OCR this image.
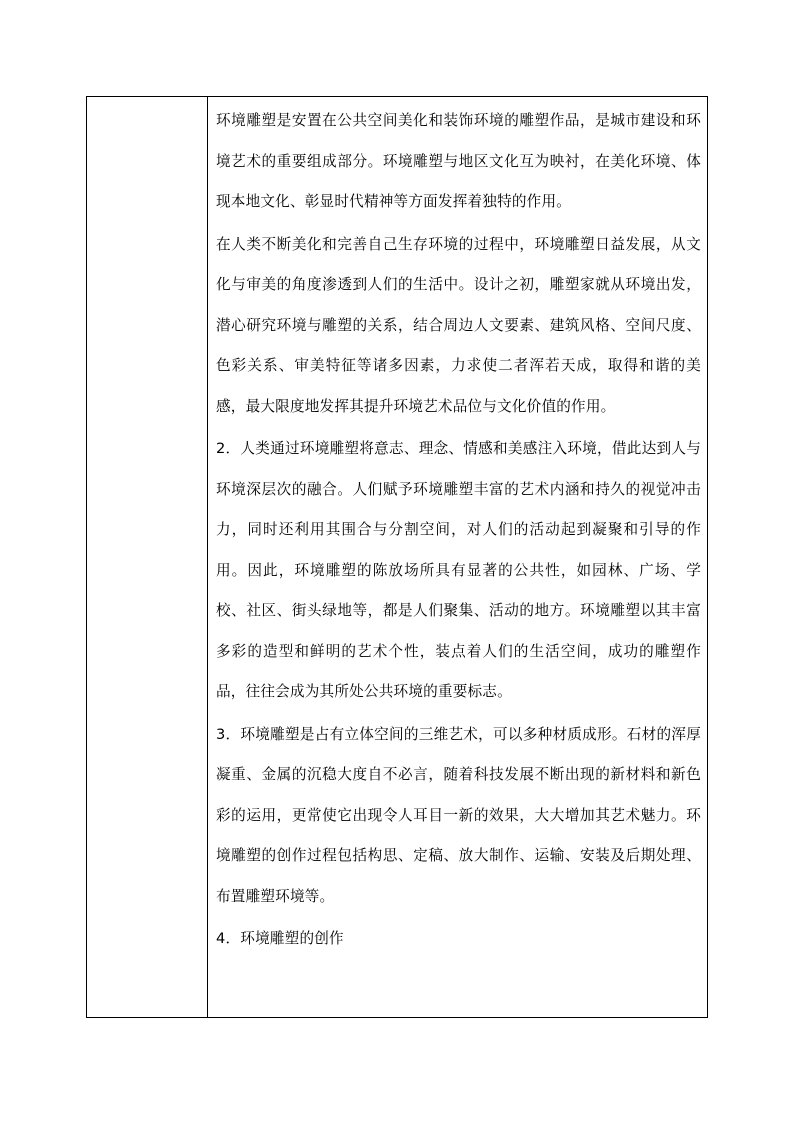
环境雕塑是安置在公共空间美化和装饰环境的雕塑作品，是城市建设和环境艺术的重要组成部分。环境雕塑与地区文化互为映衬，在美化环境、体现本地文化、彰显时代精神等方面发挥着独特的作用。

在人类不断美化和完善自己生存环境的过程中，环境雕塑日益发展，从文化与审美的角度渗透到人们的生活中。设计之初，雕塑家就从环境出发，潜心研究环境与雕塑的关系，结合周边人文要素、建筑风格、空间尺度、色彩关系、审美特征等诸多因素，力求使二者浑若天成，取得和谐的美感，最大限度地发挥其提升环境艺术品位与文化价值的作用。

2．人类通过环境雕塑将意志、理念、情感和美感注入环境，借此达到人与环境深层次的融合。人们赋予环境雕塑丰富的艺术内涵和持久的视觉冲击力，同时还利用其围合与分割空间，对人们的活动起到凝聚和引导的作用。因此，环境雕塑的陈放场所具有显著的公共性，如园林、广场、学校、社区、街头绿地等，都是人们聚集、活动的地方。环境雕塑以其丰富多彩的造型和鲜明的艺术个性，装点着人们的生活空间，成功的雕塑作品，往往会成为其所处公共环境的重要标志。

3．环境雕塑是占有立体空间的三维艺术，可以多种材质成形。石材的浑厚凝重、金属的沉稳大度自不必言，随着科技发展不断出现的新材料和新色彩的运用，更常使它出现令人耳目一新的效果，大大增加其艺术魅力。环境雕塑的创作过程包括构思、定稿、放大制作、运输、安装及后期处理、布置雕塑环境等。

4．环境雕塑的创作
